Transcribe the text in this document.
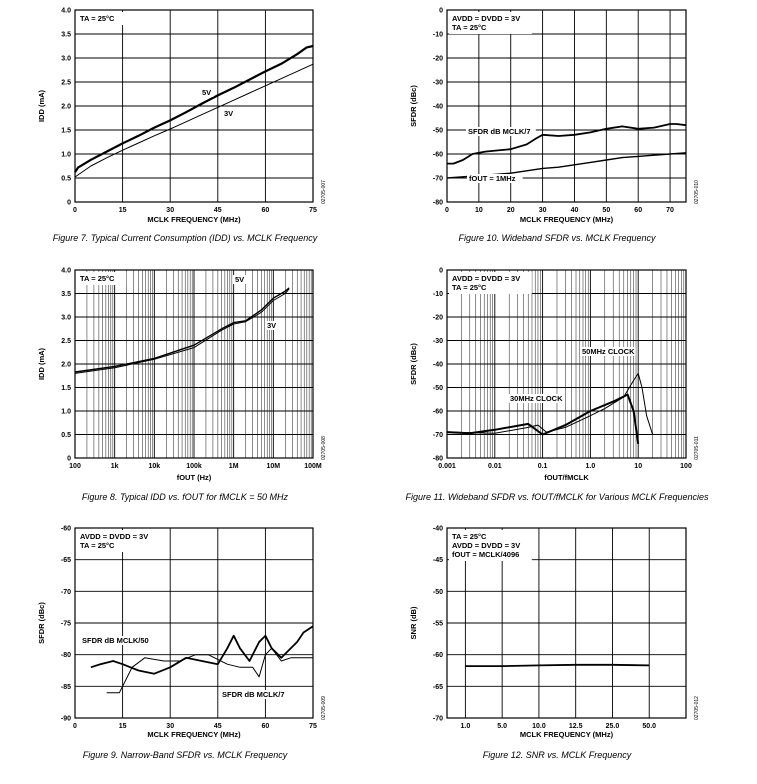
0	15	30	45	60	75
0
0.5
1.0
1.5
2.0
2.5
3.0
3.5
4.0
TA = 25°C
5V
3V
MCLK FREQUENCY (MHz)
IDD (mA)
02705-007
Figure 7. Typical Current Consumption (IDD) vs. MCLK Frequency
0	10	20	30	40	50	60	70
0
-10
-20
-30
-40
-50
-60
-70
-80
AVDD = DVDD = 3V
TA = 25°C
SFDR dB MCLK/7
fOUT = 1MHz
MCLK FREQUENCY (MHz)
SFDR (dBc)
02705-010
Figure 10. Wideband SFDR vs. MCLK Frequency
100	1k	10k	100k	1M	10M	100M
0
0.5
1.0
1.5
2.0
2.5
3.0
3.5
4.0
TA = 25°C	5V
3V
fOUT (Hz)
IDD (mA)
02705-008
Figure 8. Typical IDD vs. fOUT for fMCLK = 50 MHz
0.001	0.01	0.1	1.0	10	100
0
-10
-20
-30
-40
-50
-60
-70
-80
AVDD = DVDD = 3V
TA = 25°C
50MHz CLOCK
30MHz CLOCK
fOUT/fMCLK
SFDR (dBc)
02705-011
Figure 11. Wideband SFDR vs. fOUT/fMCLK for Various MCLK Frequencies
0	15	30	45	60	75
-60
-65
-70
-75
-80
-85
-90
AVDD = DVDD = 3V
TA = 25°C
SFDR dB MCLK/50
SFDR dB MCLK/7
MCLK FREQUENCY (MHz)
SFDR (dBc)
02705-009
Figure 9. Narrow-Band SFDR vs. MCLK Frequency
1.0	5.0	10.0	12.5	25.0	50.0
-40
-45
-50
-55
-60
-65
-70
TA = 25°C
AVDD = DVDD = 3V
fOUT = MCLK/4096
MCLK FREQUENCY (MHz)
SNR (dB)
02705-012
Figure 12. SNR vs. MCLK Frequency
